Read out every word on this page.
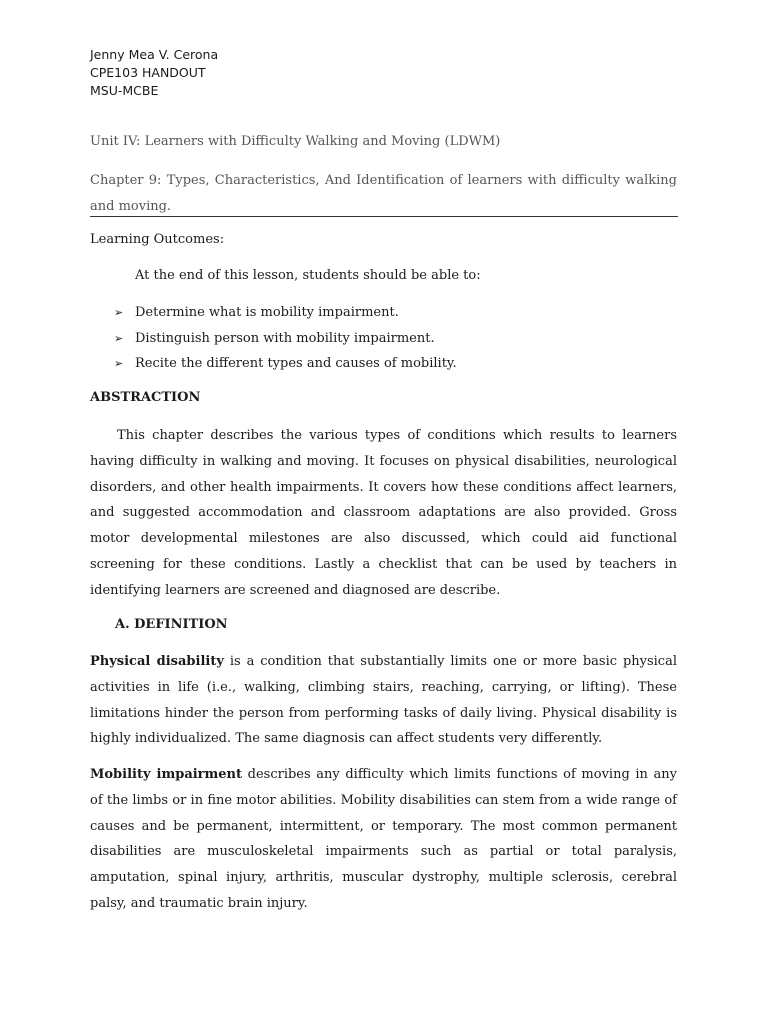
Jenny Mea V. Cerona
CPE103 HANDOUT
MSU-MCBE
Unit IV: Learners with Difficulty Walking and Moving (LDWM)
Chapter 9: Types, Characteristics, And Identification of learners with difficulty walking and moving.
Learning Outcomes:
At the end of this lesson, students should be able to:
➢ Determine what is mobility impairment.
➢ Distinguish person with mobility impairment.
➢ Recite the different types and causes of mobility.
ABSTRACTION

This chapter describes the various types of conditions which results to learners having difficulty in walking and moving. It focuses on physical disabilities, neurological disorders, and other health impairments. It covers how these conditions affect learners, and suggested accommodation and classroom adaptations are also provided. Gross motor developmental milestones are also discussed, which could aid functional screening for these conditions. Lastly a checklist that can be used by teachers in identifying learners are screened and diagnosed are describe.

A. DEFINITION

Physical disability is a condition that substantially limits one or more basic physical activities in life (i.e., walking, climbing stairs, reaching, carrying, or lifting). These limitations hinder the person from performing tasks of daily living. Physical disability is highly individualized. The same diagnosis can affect students very differently.

Mobility impairment describes any difficulty which limits functions of moving in any of the limbs or in fine motor abilities. Mobility disabilities can stem from a wide range of causes and be permanent, intermittent, or temporary. The most common permanent disabilities are musculoskeletal impairments such as partial or total paralysis, amputation, spinal injury, arthritis, muscular dystrophy, multiple sclerosis, cerebral palsy, and traumatic brain injury.
